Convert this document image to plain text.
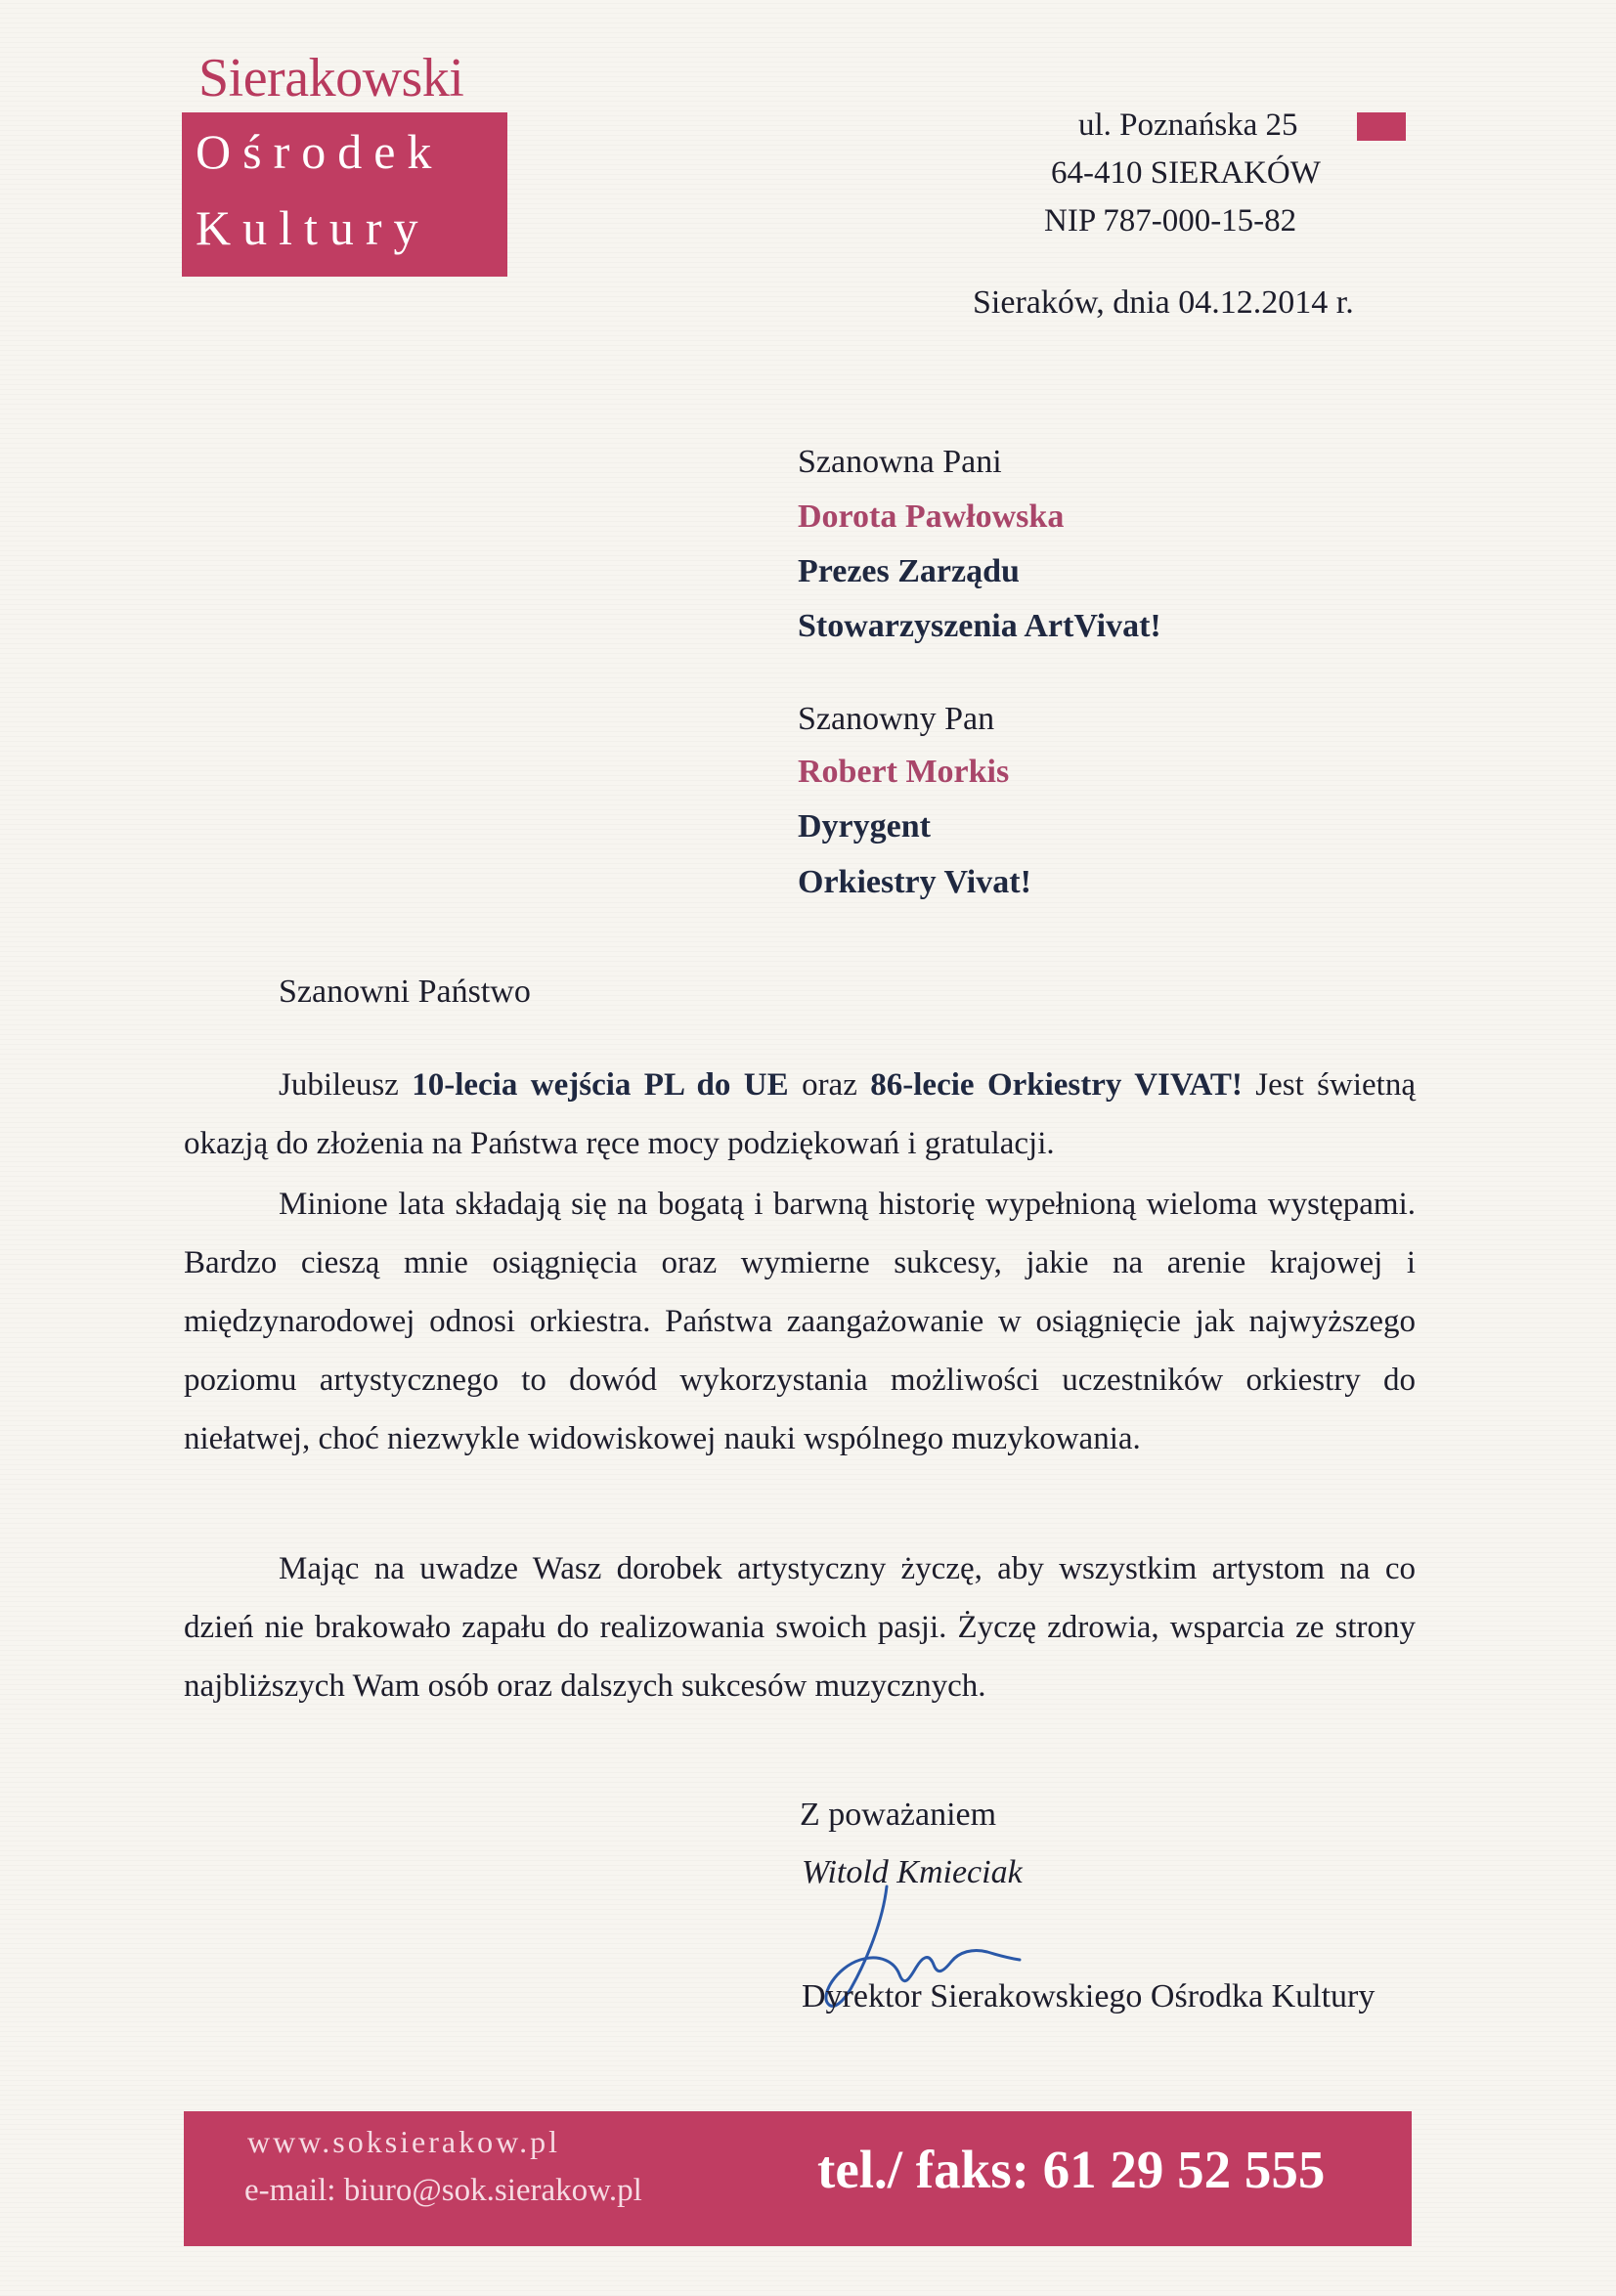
Sierakowski
Ośrodek
Kultury
ul. Poznańska 25
64-410 SIERAKÓW
NIP 787-000-15-82
Sieraków, dnia 04.12.2014 r.
Szanowna Pani
Dorota Pawłowska
Prezes Zarządu
Stowarzyszenia ArtVivat!
Szanowny Pan
Robert Morkis
Dyrygent
Orkiestry Vivat!
Szanowni Państwo

Jubileusz 10-lecia wejścia PL do UE oraz 86-lecie Orkiestry VIVAT! Jest świetną okazją do złożenia na Państwa ręce mocy podziękowań i gratulacji.

Minione lata składają się na bogatą i barwną historię wypełnioną wieloma występami. Bardzo cieszą mnie osiągnięcia oraz wymierne sukcesy, jakie na arenie krajowej i międzynarodowej odnosi orkiestra. Państwa zaangażowanie w osiągnięcie jak najwyższego poziomu artystycznego to dowód wykorzystania możliwości uczestników orkiestry do niełatwej, choć niezwykle widowiskowej nauki wspólnego muzykowania.

Mając na uwadze Wasz dorobek artystyczny życzę, aby wszystkim artystom na co dzień nie brakowało zapału do realizowania swoich pasji. Życzę zdrowia, wsparcia ze strony najbliższych Wam osób oraz dalszych sukcesów muzycznych.

Z poważaniem
Witold Kmieciak
Dyrektor Sierakowskiego Ośrodka Kultury
www.soksierakow.pl
e-mail: biuro@sok.sierakow.pl	tel./ faks: 61 29 52 555
